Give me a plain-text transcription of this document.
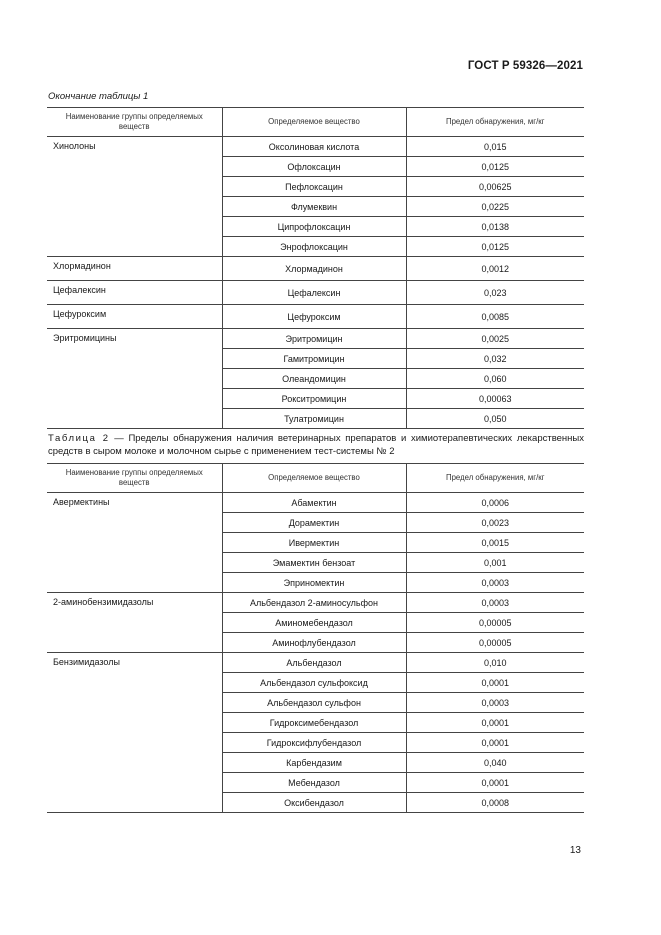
ГОСТ Р 59326—2021
Окончание таблицы 1
Наименование группы определяемых веществ	Определяемое вещество	Предел обнаружения, мг/кг
Хинолоны	Оксолиновая кислота	0,015
	Офлоксацин	0,0125
	Пефлоксацин	0,00625
	Флумеквин	0,0225
	Ципрофлоксацин	0,0138
	Энрофлоксацин	0,0125
Хлормадинон	Хлормадинон	0,0012
Цефалексин	Цефалексин	0,023
Цефуроксим	Цефуроксим	0,0085
Эритромицины	Эритромицин	0,0025
	Гамитромицин	0,032
	Олеандомицин	0,060
	Рокситромицин	0,00063
	Тулатромицин	0,050
Таблица 2 — Пределы обнаружения наличия ветеринарных препаратов и химиотерапевтических лекарственных средств в сыром молоке и молочном сырье с применением тест-системы № 2
Наименование группы определяемых веществ	Определяемое вещество	Предел обнаружения, мг/кг
Авермектины	Абамектин	0,0006
	Дорамектин	0,0023
	Ивермектин	0,0015
	Эмамектин бензоат	0,001
	Эприномектин	0,0003
2-аминобензимидазолы	Альбендазол 2-аминосульфон	0,0003
	Аминомебендазол	0,00005
	Аминофлубендазол	0,00005
Бензимидазолы	Альбендазол	0,010
	Альбендазол сульфоксид	0,0001
	Альбендазол сульфон	0,0003
	Гидроксимебендазол	0,0001
	Гидроксифлубендазол	0,0001
	Карбендазим	0,040
	Мебендазол	0,0001
	Оксибендазол	0,0008
13
